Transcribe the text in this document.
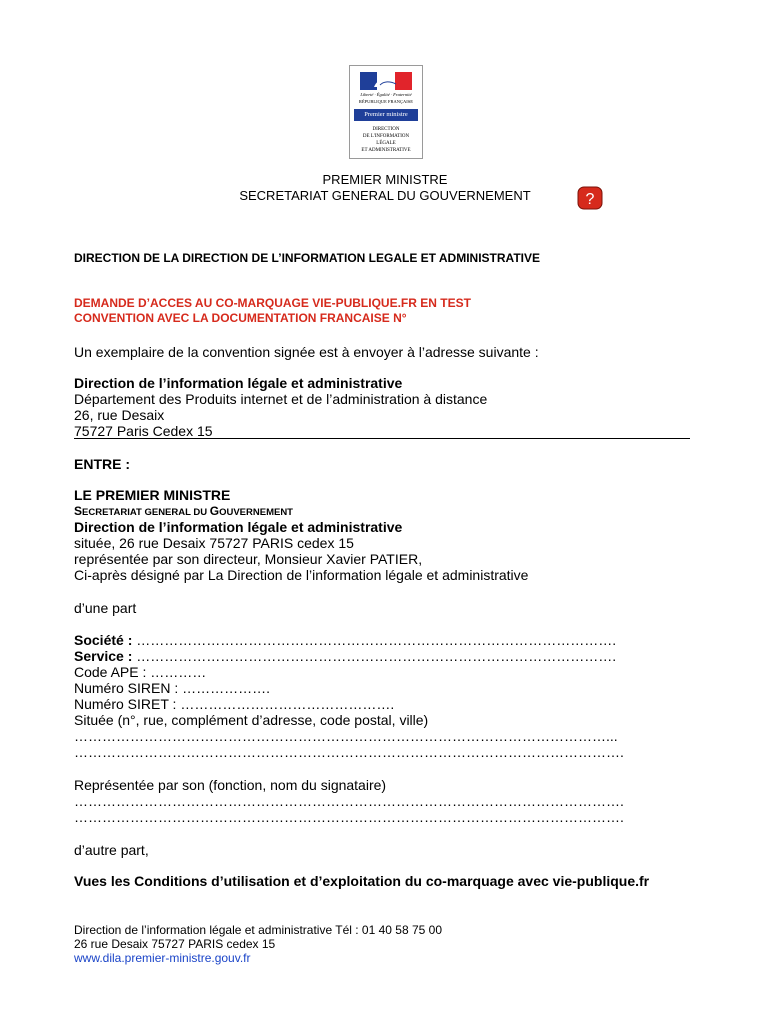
Liberté · Égalité · Fraternité
RÉPUBLIQUE FRANÇAISE
Premier ministre
DIRECTION
DE L'INFORMATION
LÉGALE
ET ADMINISTRATIVE
PREMIER MINISTRE
SECRETARIAT GENERAL DU GOUVERNEMENT	?
DIRECTION DE LA DIRECTION DE L’INFORMATION LEGALE ET ADMINISTRATIVE
DEMANDE D’ACCES AU CO-MARQUAGE VIE-PUBLIQUE.FR EN TEST
CONVENTION AVEC LA DOCUMENTATION FRANCAISE N°
Un exemplaire de la convention signée est à envoyer à l’adresse suivante :
Direction de l’information légale et administrative
Département des Produits internet et de l’administration à distance
26, rue Desaix
75727 Paris Cedex 15
ENTRE :
LE PREMIER MINISTRE
SECRETARIAT GENERAL DU GOUVERNEMENT
Direction de l’information légale et administrative
située, 26 rue Desaix 75727 PARIS cedex 15
représentée par son directeur, Monsieur Xavier PATIER,
Ci-après désigné par La Direction de l’information légale et administrative
d’une part
Société : ………………………………………………………………………………………….
Service : ………………………………………………………………………………………….
Code APE : …………
Numéro SIREN : ……………….
Numéro SIRET : ……………………………………….
Située (n°, rue, complément d’adresse, code postal, ville)
……………………………………………………………………………………………………...
……………………………………………………………………………………………………….
Représentée par son (fonction, nom du signataire)
……………………………………………………………………………………………………….
……………………………………………………………………………………………………….
d’autre part,
Vues les Conditions d’utilisation et d’exploitation du co-marquage avec vie-publique.fr
Direction de l’information légale et administrative Tél : 01 40 58 75 00
26 rue Desaix 75727 PARIS cedex 15
www.dila.premier-ministre.gouv.fr
